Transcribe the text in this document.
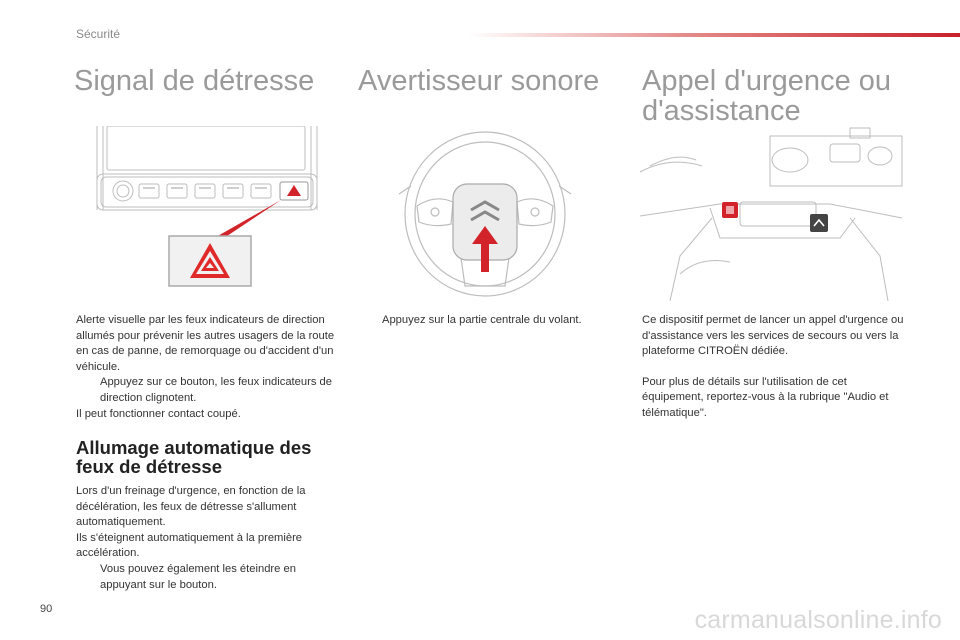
Sécurité
Signal de détresse

Alerte visuelle par les feux indicateurs de direction allumés pour prévenir les autres usagers de la route en cas de panne, de remorquage ou d'accident d'un véhicule.

Appuyez sur ce bouton, les feux indicateurs de direction clignotent.

Il peut fonctionner contact coupé.

Allumage automatique des feux de détresse

Lors d'un freinage d'urgence, en fonction de la décélération, les feux de détresse s'allument automatiquement.

Ils s'éteignent automatiquement à la première accélération.

Vous pouvez également les éteindre en appuyant sur le bouton.
Avertisseur sonore
Appuyez sur la partie centrale du volant.
Appel d'urgence ou
d'assistance

Ce dispositif permet de lancer un appel d'urgence ou d'assistance vers les services de secours ou vers la plateforme CITROËN dédiée.

Pour plus de détails sur l'utilisation de cet équipement, reportez-vous à la rubrique "Audio et télématique".

90	carmanualsonline.info
